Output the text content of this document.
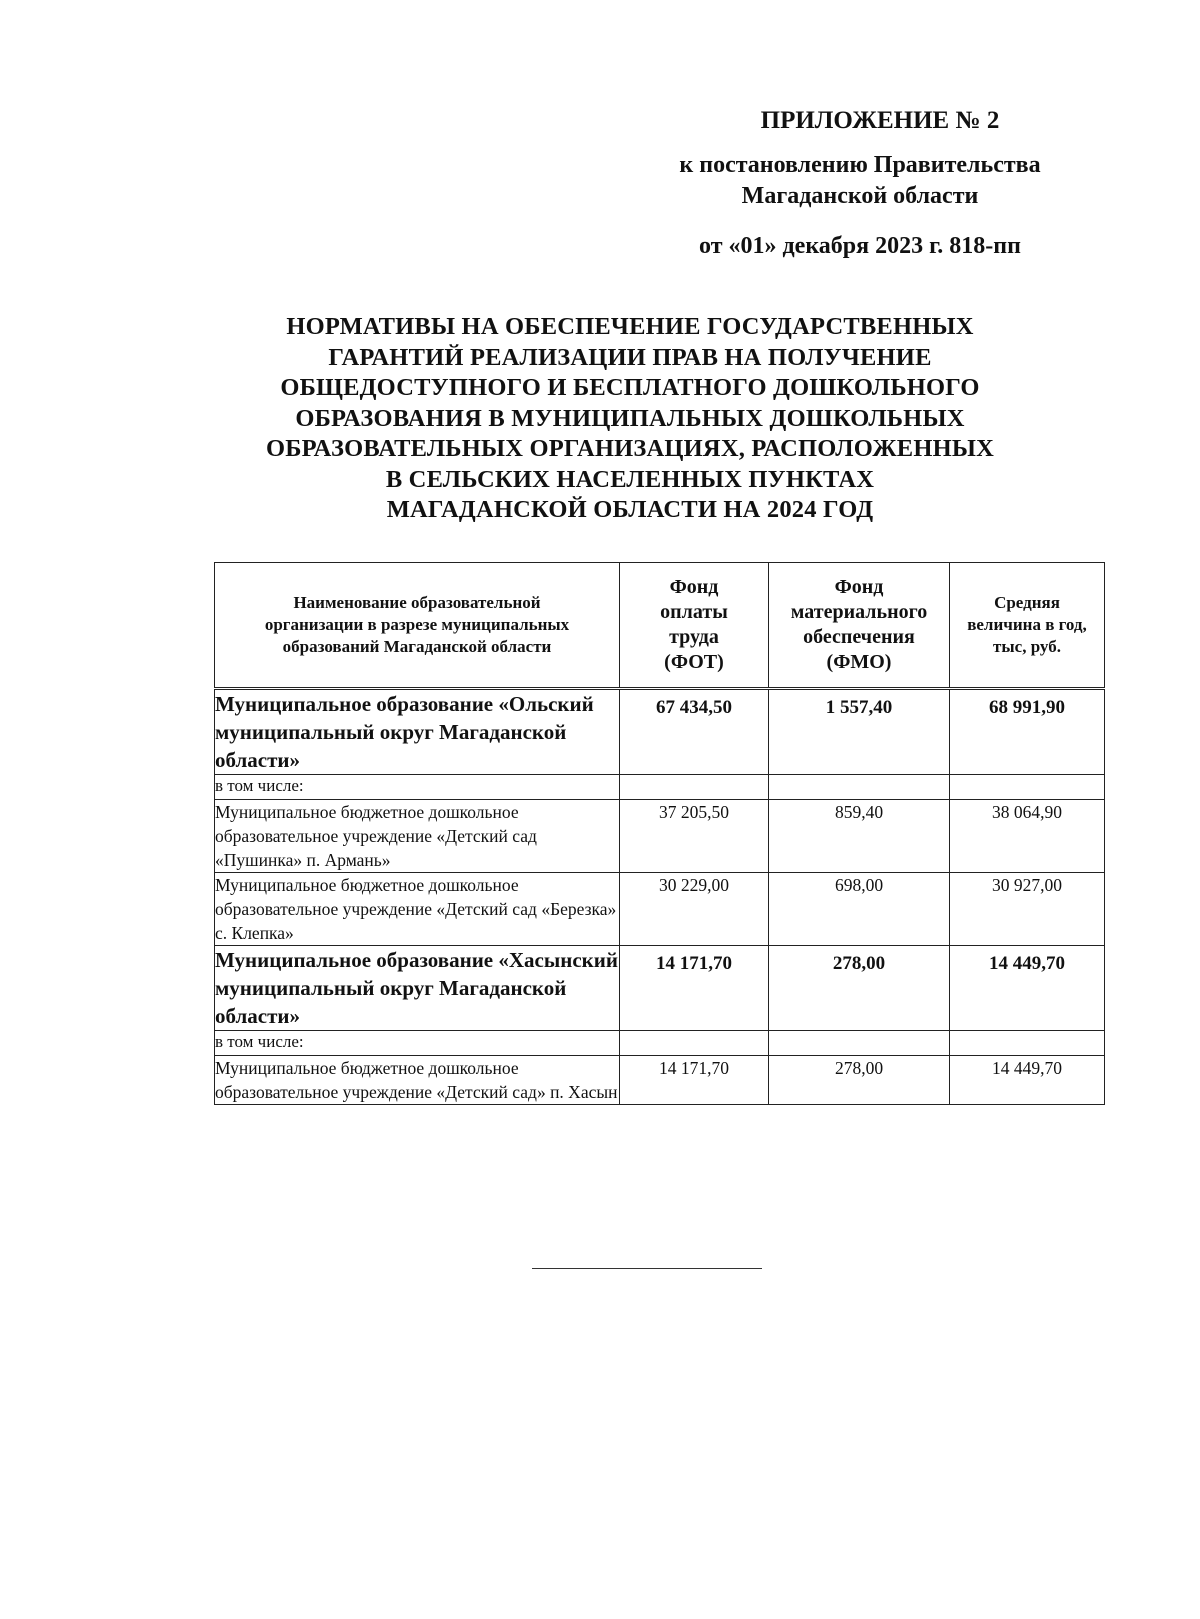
ПРИЛОЖЕНИЕ № 2
к постановлению Правительства
Магаданской области
от «01» декабря 2023 г. 818-пп
НОРМАТИВЫ НА ОБЕСПЕЧЕНИЕ ГОСУДАРСТВЕННЫХ
ГАРАНТИЙ РЕАЛИЗАЦИИ ПРАВ НА ПОЛУЧЕНИЕ
ОБЩЕДОСТУПНОГО И БЕСПЛАТНОГО ДОШКОЛЬНОГО
ОБРАЗОВАНИЯ В МУНИЦИПАЛЬНЫХ ДОШКОЛЬНЫХ
ОБРАЗОВАТЕЛЬНЫХ ОРГАНИЗАЦИЯХ, РАСПОЛОЖЕННЫХ
В СЕЛЬСКИХ НАСЕЛЕННЫХ ПУНКТАХ
МАГАДАНСКОЙ ОБЛАСТИ НА 2024 ГОД
Наименование образовательной организации в разрезе муниципальных образований Магаданской области	Фонд оплаты труда (ФОТ)	Фонд материального обеспечения (ФМО)	Средняя величина в год, тыс, руб.

Муниципальное образование «Ольский муниципальный округ Магаданской области»	67 434,50	1 557,40	68 991,90
в том числе:			
Муниципальное бюджетное дошкольное образовательное учреждение «Детский сад «Пушинка» п. Армань»	37 205,50	859,40	38 064,90
Муниципальное бюджетное дошкольное образовательное учреждение «Детский сад «Березка» с. Клепка»	30 229,00	698,00	30 927,00
Муниципальное образование «Хасынский муниципальный округ Магаданской области»	14 171,70	278,00	14 449,70
в том числе:			
Муниципальное бюджетное дошкольное образовательное учреждение «Детский сад» п. Хасын	14 171,70	278,00	14 449,70
